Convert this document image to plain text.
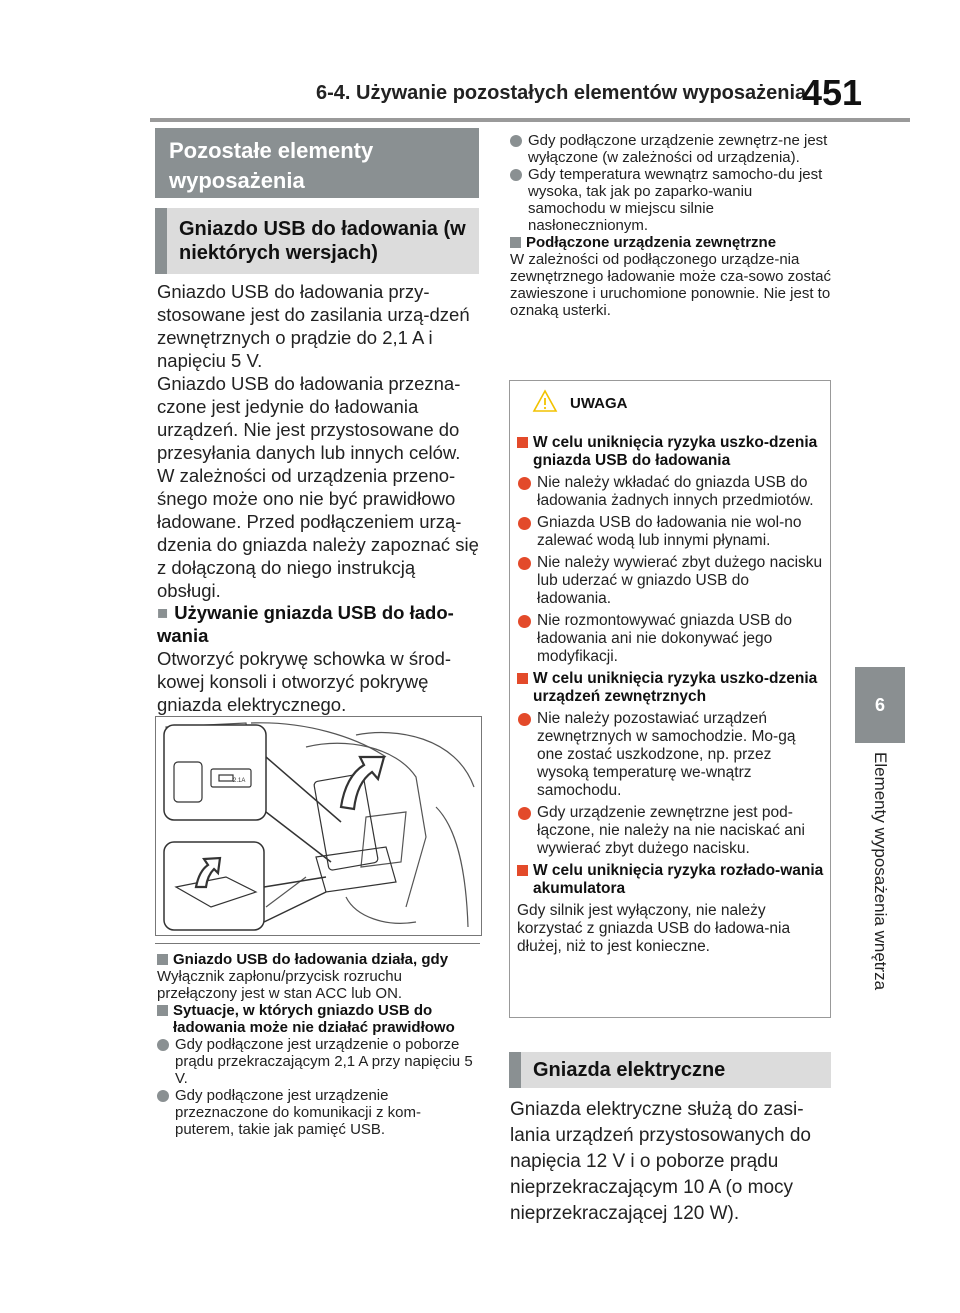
6-4. Używanie pozostałych elementów wyposażenia
451
6
Elementy wyposażenia wnętrza
Pozostałe elementy wyposażenia
Gniazdo USB do ładowania (w niektórych wersjach)
Gniazdo USB do ładowania przy-stosowane jest do zasilania urzą-dzeń zewnętrznych o prądzie do 2,1 A i napięciu 5 V.
Gniazdo USB do ładowania przezna-czone jest jedynie do ładowania urządzeń. Nie jest przystosowane do przesyłania danych lub innych celów.
W zależności od urządzenia przeno-śnego może ono nie być prawidłowo ładowane. Przed podłączeniem urzą-dzenia do gniazda należy zapoznać się z dołączoną do niego instrukcją obsługi.
■ Używanie gniazda USB do łado-wania
Otworzyć pokrywę schowka w środ-kowej konsoli i otworzyć pokrywę gniazda elektrycznego.
2.1A
Gniazdo USB do ładowania działa, gdy
Wyłącznik zapłonu/przycisk rozruchu przełączony jest w stan ACC lub ON.
Sytuacje, w których gniazdo USB do ładowania może nie działać prawidłowo
Gdy podłączone jest urządzenie o poborze prądu przekraczającym 2,1 A przy napięciu 5 V.
Gdy podłączone jest urządzenie przeznaczone do komunikacji z kom-puterem, takie jak pamięć USB.
Gdy podłączone urządzenie zewnętrz-ne jest wyłączone (w zależności od urządzenia).
Gdy temperatura wewnątrz samocho-du jest wysoka, tak jak po zaparko-waniu samochodu w miejscu silnie nasłonecznionym.
Podłączone urządzenia zewnętrzne
W zależności od podłączonego urządze-nia zewnętrznego ładowanie może cza-sowo zostać zawieszone i uruchomione ponownie. Nie jest to oznaką usterki.
UWAGA
W celu uniknięcia ryzyka uszko-dzenia gniazda USB do ładowania
Nie należy wkładać do gniazda USB do ładowania żadnych innych przedmiotów.
Gniazda USB do ładowania nie wol-no zalewać wodą lub innymi płynami.
Nie należy wywierać zbyt dużego nacisku lub uderzać w gniazdo USB do ładowania.
Nie rozmontowywać gniazda USB do ładowania ani nie dokonywać jego modyfikacji.
W celu uniknięcia ryzyka uszko-dzenia urządzeń zewnętrznych
Nie należy pozostawiać urządzeń zewnętrznych w samochodzie. Mo-gą one zostać uszkodzone, np. przez wysoką temperaturę we-wnątrz samochodu.
Gdy urządzenie zewnętrzne jest pod-łączone, nie należy na nie naciskać ani wywierać zbyt dużego nacisku.
W celu uniknięcia ryzyka rozłado-wania akumulatora
Gdy silnik jest wyłączony, nie należy korzystać z gniazda USB do ładowa-nia dłużej, niż to jest konieczne.
Gniazda elektryczne
Gniazda elektryczne służą do zasi-lania urządzeń przystosowanych do napięcia 12 V i o poborze prądu nieprzekraczającym 10 A (o mocy nieprzekraczającej 120 W).
